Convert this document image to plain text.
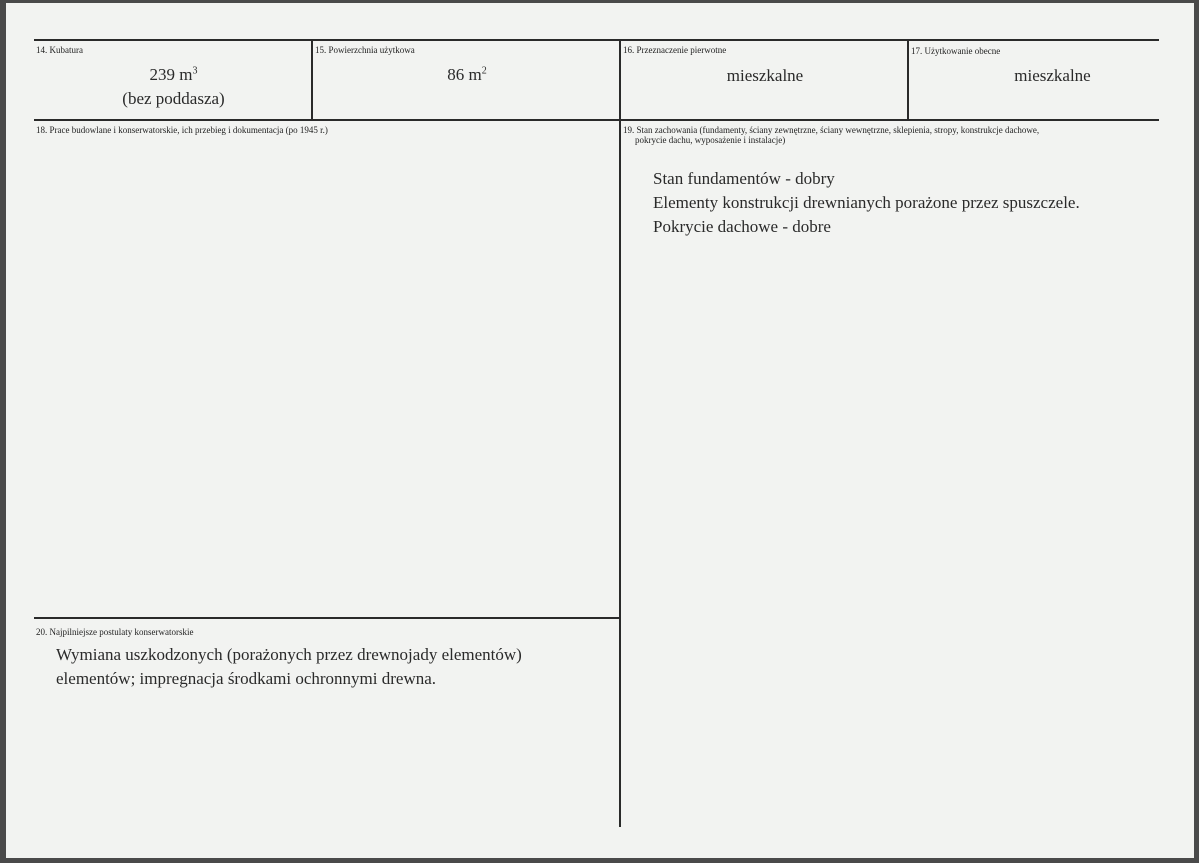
14. Kubatura
239 $m^3$
(bez poddasza)
15. Powierzchnia użytkowa
86 $m^2$
16. Przeznaczenie pierwotne
mieszkalne
17. Użytkowanie obecne
mieszkalne
18. Prace budowlane i konserwatorskie, ich przebieg i dokumentacja (po 1945 r.)	19. Stan zachowania (fundamenty, ściany zewnętrzne, ściany wewnętrzne, sklepienia, stropy, konstrukcje dachowe,
pokrycie dachu, wyposażenie i instalacje)
Stan fundamentów - dobry
Elementy konstrukcji drewnianych porażone przez spuszczele.
Pokrycie dachowe - dobre
20. Najpilniejsze postulaty konserwatorskie
Wymiana uszkodzonych (porażonych przez drewnojady elementów)
elementów; impregnacja środkami ochronnymi drewna.
